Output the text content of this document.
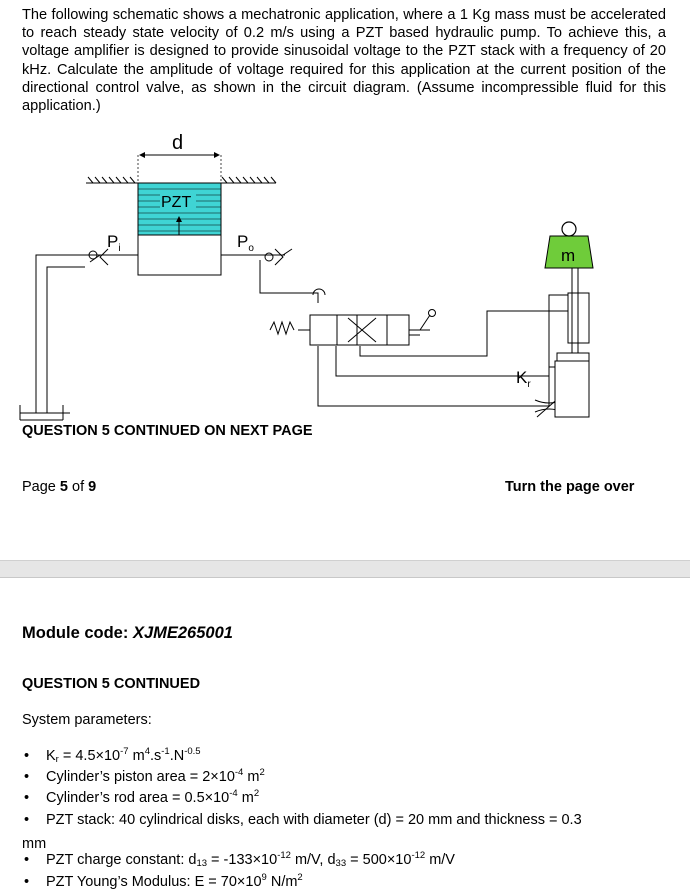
The following schematic shows a mechatronic application, where a 1 Kg mass must be accelerated to reach steady state velocity of 0.2 m/s using a PZT based hydraulic pump. To achieve this, a voltage amplifier is designed to provide sinusoidal voltage to the PZT stack with a frequency of 20 kHz. Calculate the amplitude of voltage required for this application at the current position of the directional control valve, as shown in the circuit diagram. (Assume incompressible fluid for this application.)

d
PZT
$P_i$	$P_o$
$K_r$
m

QUESTION 5 CONTINUED ON NEXT PAGE

Page 5 of 9	Turn the page over

Module code: XJME265001

QUESTION 5 CONTINUED

System parameters:

• $K_r = 4.5\times 10^{-7}$ $m^4.s^{-1}.N^{-0.5}$
• Cylinder’s piston area = $2\times 10^{-4}$ $m^2$
• Cylinder’s rod area = $0.5\times 10^{-4}$ $m^2$
• PZT stack: 40 cylindrical disks, each with diameter (d) = 20 mm and thickness = 0.3
• PZT charge constant: $d_{13} = -133\times 10^{-12}$ m/V, $d_{33} = 500\times 10^{-12}$ m/V
• PZT Young’s Modulus: $E = 70\times 10^9$ $N/m^2$
mm
